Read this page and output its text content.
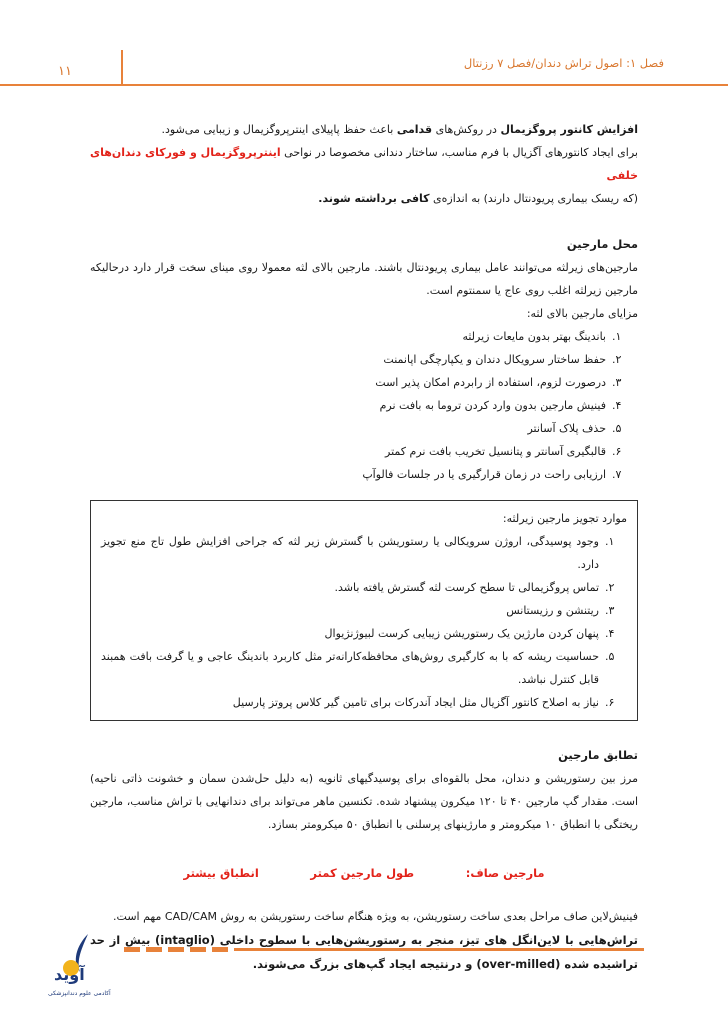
۱۱
فصل ۱: اصول تراش دندان/فصل ۷ رزنتال

افزایش کانتور پروگزیمال در روکش‌های قدامی باعث حفظ پاپیلای اینترپروگزیمال و زیبایی می‌شود.

برای ایجاد کانتورهای آگزیال با فرم مناسب، ساختار دندانی مخصوصا در نواحی اینترپروگزیمال و فورکای دندان‌های خلفی

(که ریسک بیماری پریودنتال دارند) به اندازه‌ی کافی برداشته شوند.

محل مارجین

مارجین‌های زیرلثه می‌توانند عامل بیماری پریودنتال باشند. مارجین بالای لثه معمولا روی مینای سخت قرار دارد درحالیکه مارجین زیرلثه اغلب روی عاج یا سمنتوم است.

مزایای مارجین بالای لثه:

۱.
باندینگ بهتر بدون مایعات زیرلثه
۲.
حفظ ساختار سرویکال دندان و یکپارچگی اپانمنت
۳.
درصورت لزوم، استفاده از رابردم امکان پذیر است
۴.
فینیش مارجین بدون وارد کردن تروما به بافت نرم
۵.
حذف پلاک آسانتر
۶.
قالبگیری آسانتر و پتانسیل تخریب بافت نرم کمتر
۷.
ارزیابی راحت در زمان قرارگیری یا در جلسات فالوآپ

موارد تجویز مارجین زیرلثه:

۱.
وجود پوسیدگی، اروژن سرویکالی یا رستوریشن با گسترش زیر لثه که جراحی افزایش طول تاج منع تجویز دارد.
۲.
تماس پروگزیمالی تا سطح کرست لثه گسترش یافته باشد.
۳.
ریتنشن و رزیستانس
۴.
پنهان کردن مارژین یک رستوریشن زیبایی کرست لبیوژنژیوال
۵.
حساسیت ریشه که با به کارگیری روش‌های محافظه‌کارانه‌تر مثل کاربرد باندینگ عاجی و یا گرفت بافت همبند قابل کنترل نباشد.
۶.
نیاز به اصلاح کانتور آگزیال مثل ایجاد آندرکات برای تامین گیر کلاس پروتز پارسیل
تطابق مارجین

مرز بین رستوریشن و دندان، محل بالقوه‌ای برای پوسیدگیهای ثانویه (به دلیل حل‌شدن سمان و خشونت ذاتی ناحیه) است. مقدار گپ مارجین ۴۰ تا ۱۲۰ میکرون پیشنهاد شده. تکنسین ماهر می‌تواند برای دندانهایی با تراش مناسب، مارجین ریختگی با انطباق ۱۰ میکرومتر و مارژینهای پرسلنی با انطباق ۵۰ میکرومتر بسازد.

مارجین صاف: طول مارجین کمتر انطباق بیشتر

فینیش‌لاین صاف مراحل بعدی ساخت رستوریشن، به ویژه هنگام ساخت رستوریشن به روش CAD/CAM مهم است.

تراش‌هایی با لاین‌انگل های تیز، منجر به رستوریشن‌هایی با سطوح داخلی (intaglio) بیش از حد تراشیده شده (over-milled) و درنتیجه ایجاد گپ‌های بزرگ می‌شوند.

آوید
آکادمی علوم دندانپزشکی
